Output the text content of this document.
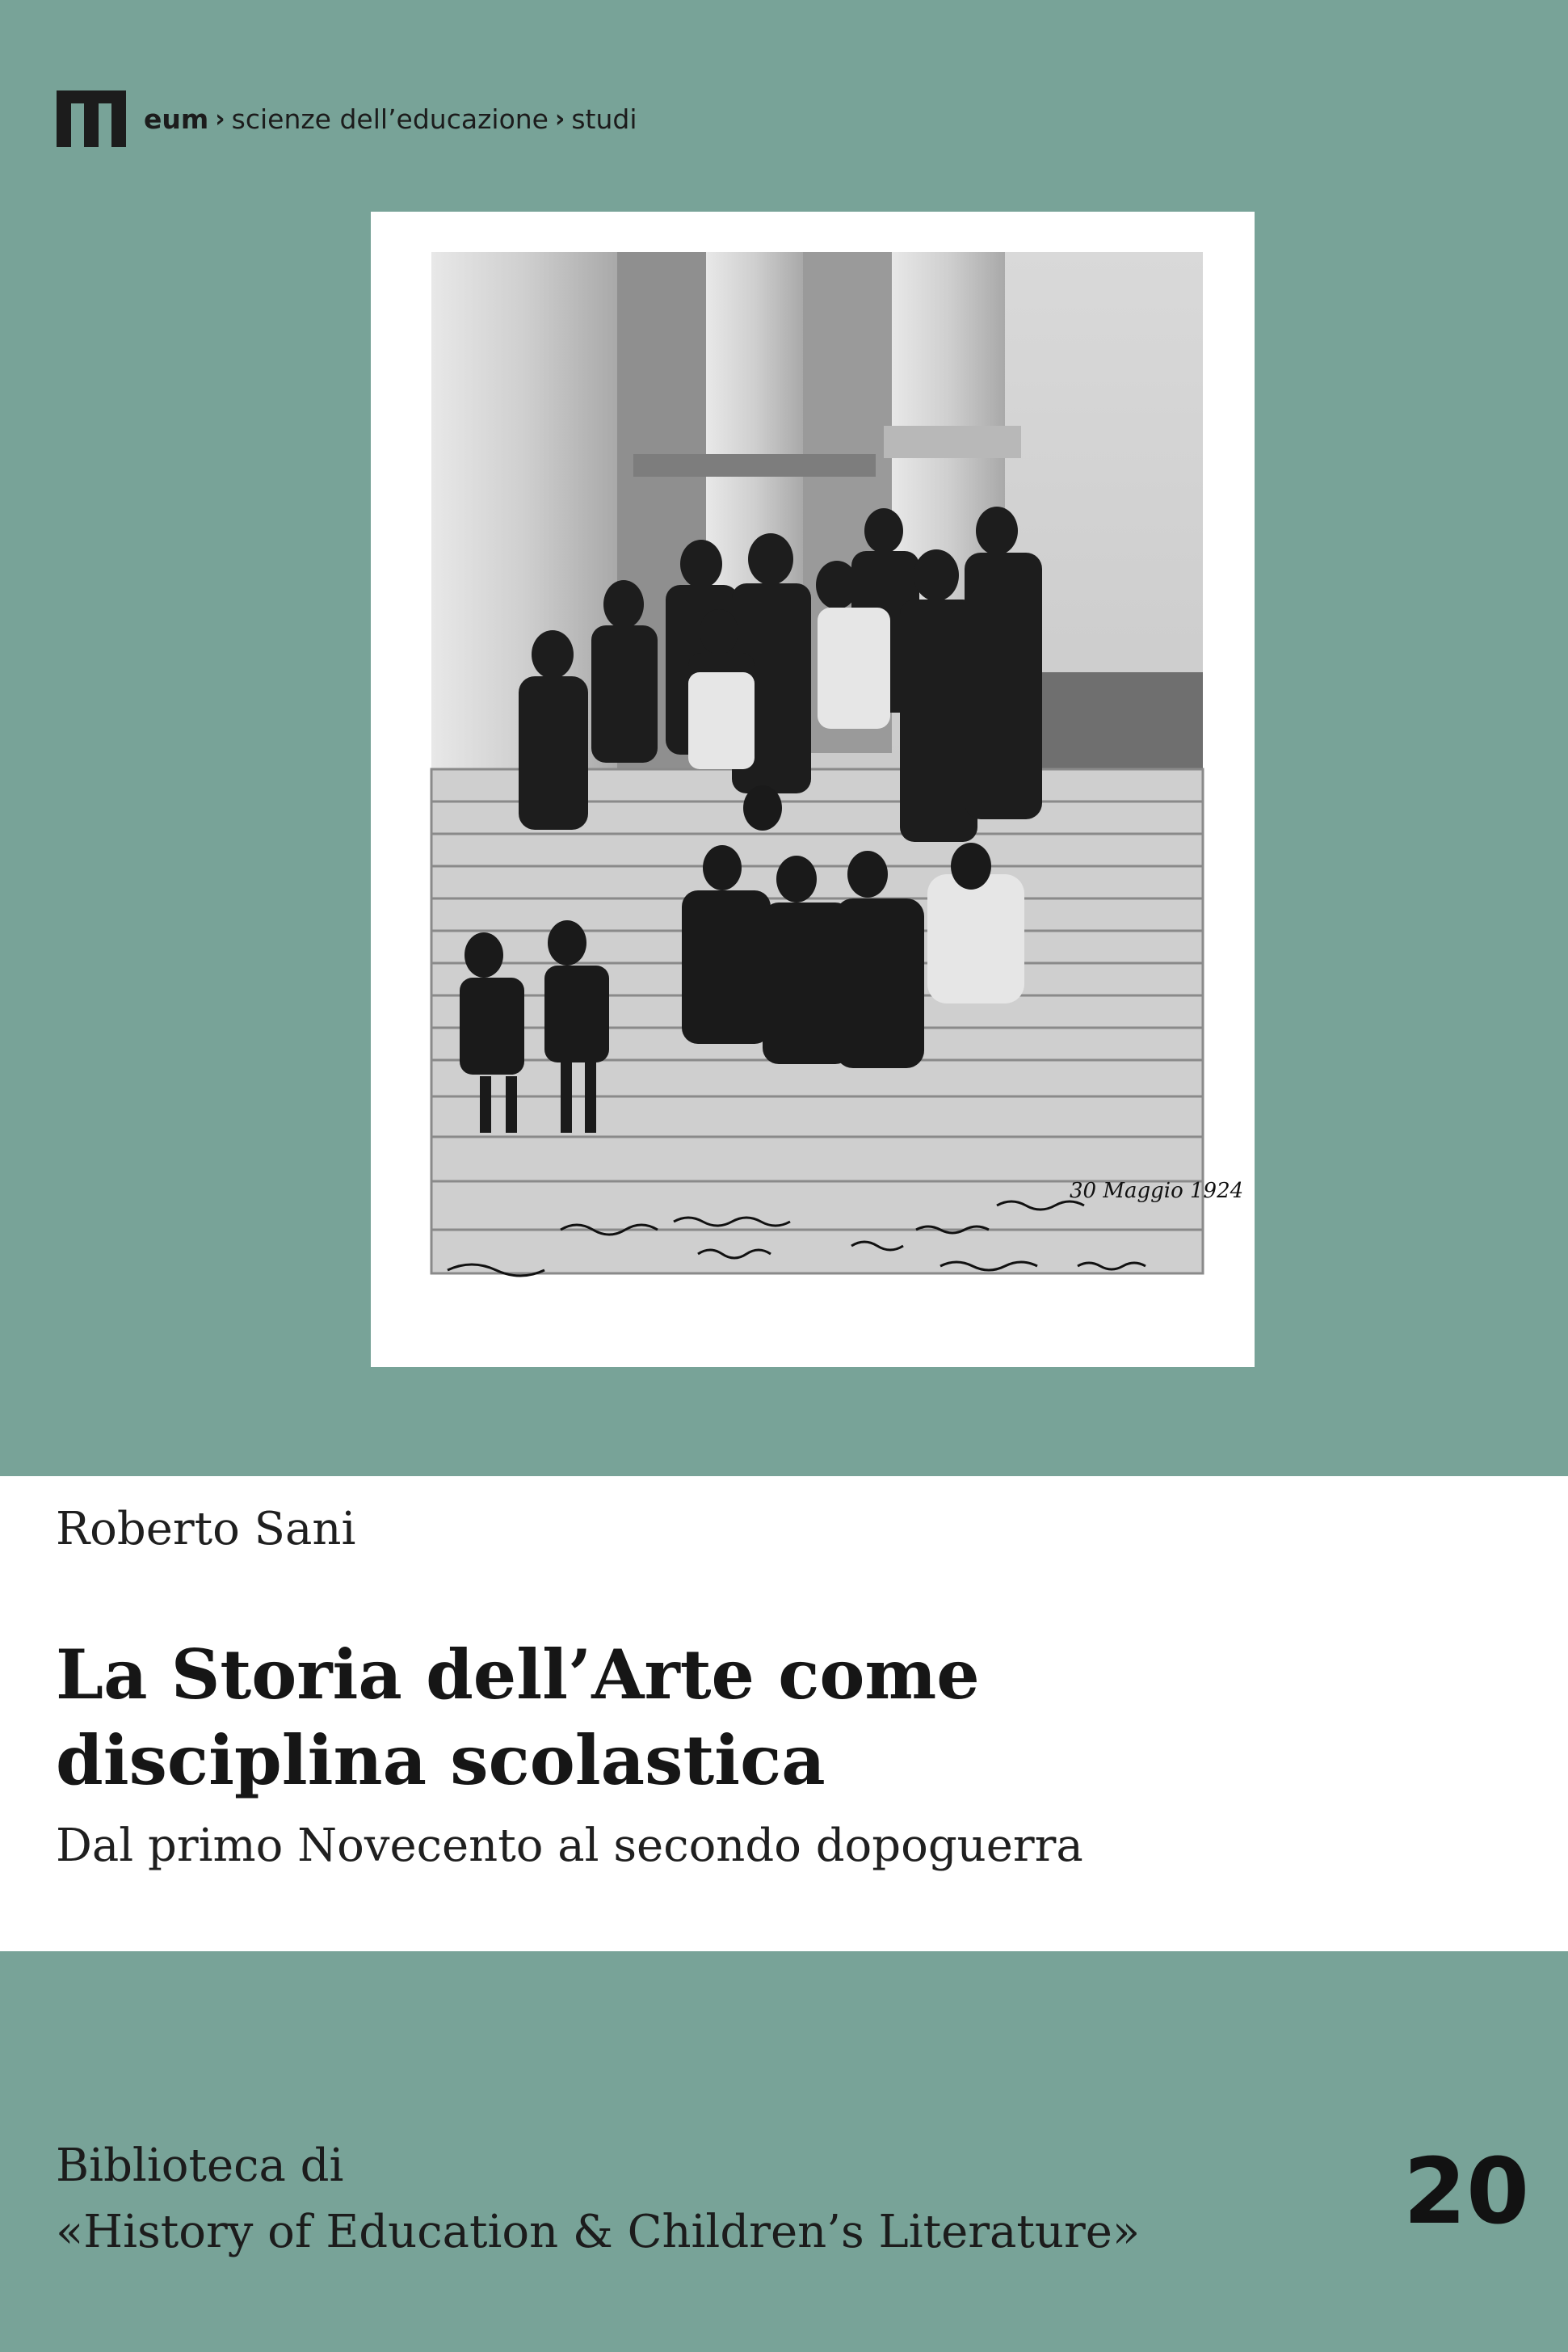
eum › scienze dell’educazione › studi
30 Maggio 1924
Roberto Sani
La Storia dell’Arte come
disciplina scolastica
Dal primo Novecento al secondo dopoguerra
Biblioteca di
«History of Education & Children’s Literature»	20
